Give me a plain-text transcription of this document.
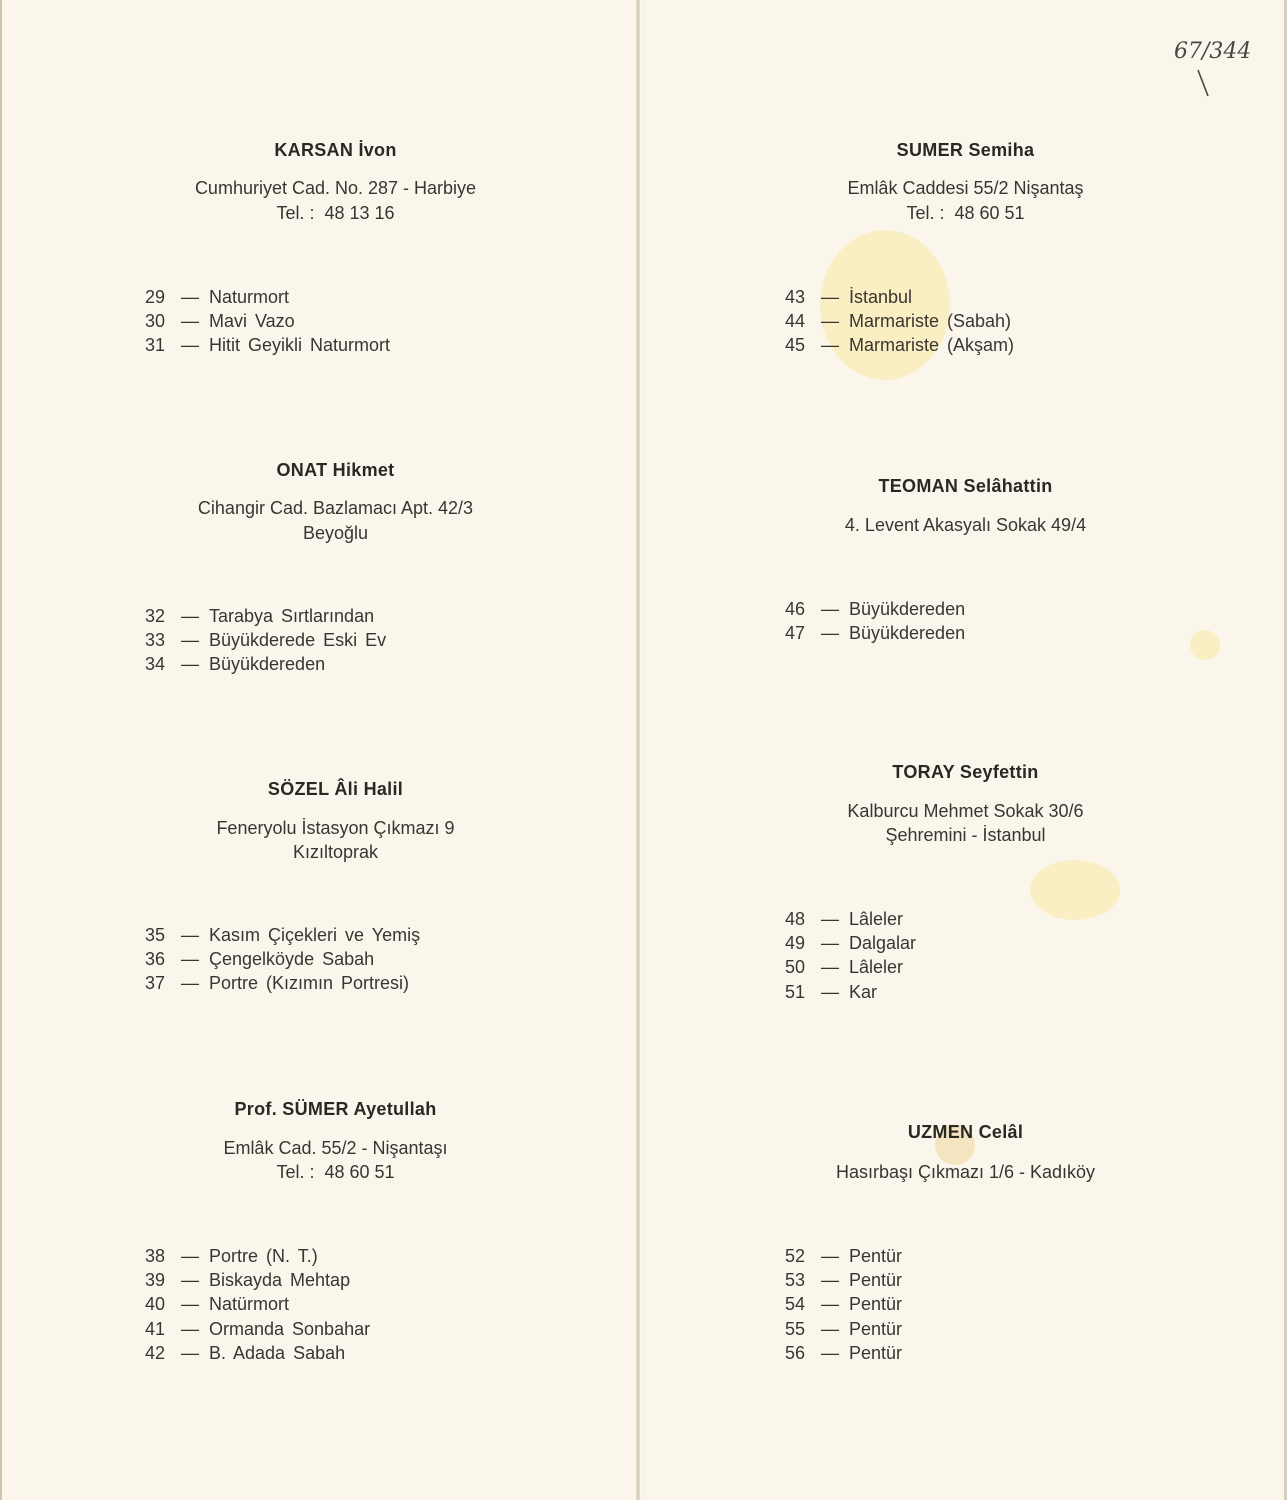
67/344
KARSAN İvon
Cumhuriyet Cad. No. 287 - Harbiye
Tel. :  48 13 16
29 — Naturmort
30 — Mavi Vazo
31 — Hitit Geyikli Naturmort
ONAT Hikmet
Cihangir Cad. Bazlamacı Apt. 42/3
Beyoğlu
32 — Tarabya Sırtlarından
33 — Büyükderede Eski Ev
34 — Büyükdereden
SÖZEL Âli Halil
Feneryolu İstasyon Çıkmazı 9
Kızıltoprak
35 — Kasım Çiçekleri ve Yemiş
36 — Çengelköyde Sabah
37 — Portre (Kızımın Portresi)
Prof. SÜMER Ayetullah
Emlâk Cad. 55/2 - Nişantaşı
Tel. :  48 60 51
38 — Portre (N. T.)
39 — Biskayda Mehtap
40 — Natürmort
41 — Ormanda Sonbahar
42 — B. Adada Sabah
SUMER Semiha
Emlâk Caddesi 55/2 Nişantaş
Tel. :  48 60 51
43 — İstanbul
44 — Marmariste (Sabah)
45 — Marmariste (Akşam)
TEOMAN Selâhattin
4. Levent Akasyalı Sokak 49/4
46 — Büyükdereden
47 — Büyükdereden
TORAY Seyfettin
Kalburcu Mehmet Sokak 30/6
Şehremini - İstanbul
48 — Lâleler
49 — Dalgalar
50 — Lâleler
51 — Kar
UZMEN Celâl
Hasırbaşı Çıkmazı 1/6 - Kadıköy
52 — Pentür
53 — Pentür
54 — Pentür
55 — Pentür
56 — Pentür
